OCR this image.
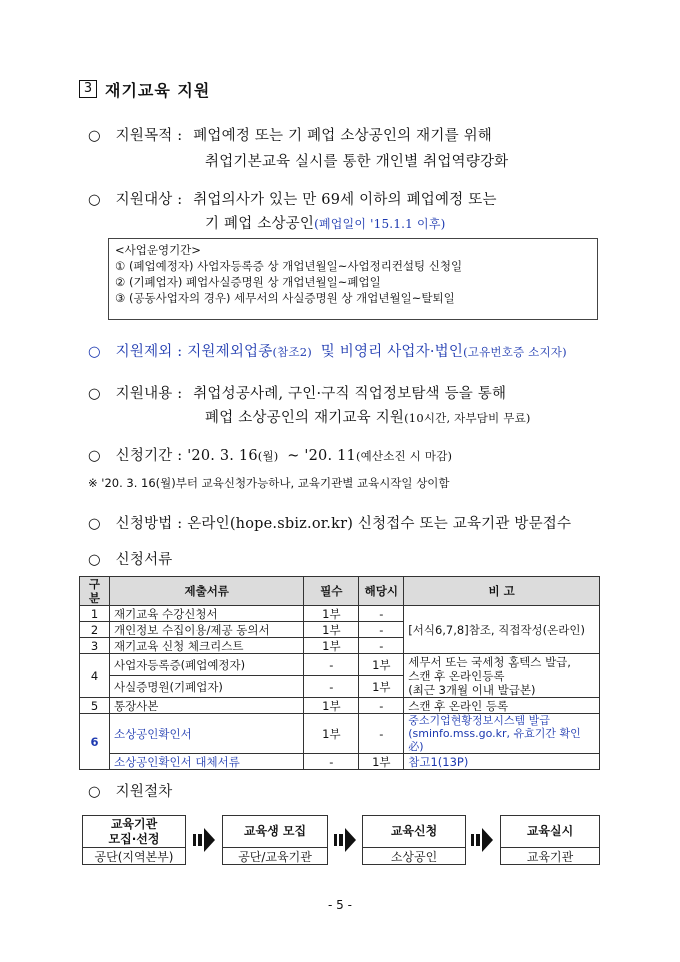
3 재기교육 지원
○ 지원목적 : 폐업예정 또는 기 폐업 소상공인의 재기를 위해
취업기본교육 실시를 통한 개인별 취업역량강화
○ 지원대상 : 취업의사가 있는 만 69세 이하의 폐업예정 또는
기 폐업 소상공인(폐업일이 '15.1.1 이후)
<사업운영기간>
① (폐업예정자) 사업자등록증 상 개업년월일~사업정리컨설팅 신청일
② (기폐업자) 폐업사실증명원 상 개업년월일~폐업일
③ (공동사업자의 경우) 세무서의 사실증명원 상 개업년월일~탈퇴일
○ 지원제외 : 지원제외업종(참조2) 및 비영리 사업자·법인(고유번호증 소지자)
○ 지원내용 : 취업성공사례, 구인·구직 직업정보탐색 등을 통해
폐업 소상공인의 재기교육 지원(10시간, 자부담비 무료)
○ 신청기간 : '20. 3. 16(월) ~ '20. 11(예산소진 시 마감)
※ '20. 3. 16(월)부터 교육신청가능하나, 교육기관별 교육시작일 상이함
○ 신청방법 : 온라인(hope.sbiz.or.kr) 신청접수 또는 교육기관 방문접수
○ 신청서류
구분	제출서류	필수	해당시	비 고
1	재기교육 수강신청서	1부	-	[서식6,7,8]참조, 직접작성(온라인)
2	개인정보 수집이용/제공 동의서	1부	-	
3	재기교육 신청 체크리스트	1부	-	
4	사업자등록증(폐업예정자)	-	1부	세무서 또는 국세청 홈텍스 발급,
스캔 후 온라인등록
(최근 3개월 이내 발급본)

	사실증명원(기폐업자)	-	1부	
5	통장사본	1부	-	스캔 후 온라인 등록
6	소상공인확인서	1부	-	중소기업현황정보시스템 발급
(sminfo.mss.go.kr, 유효기간 확인 必)

	소상공인확인서 대체서류	-	1부	참고1(13P)
○ 지원절차
교육기관
모집·선정
공단(지역본부)
교육생 모집
공단/교육기관
교육신청
소상공인
교육실시
교육기관
- 5 -
